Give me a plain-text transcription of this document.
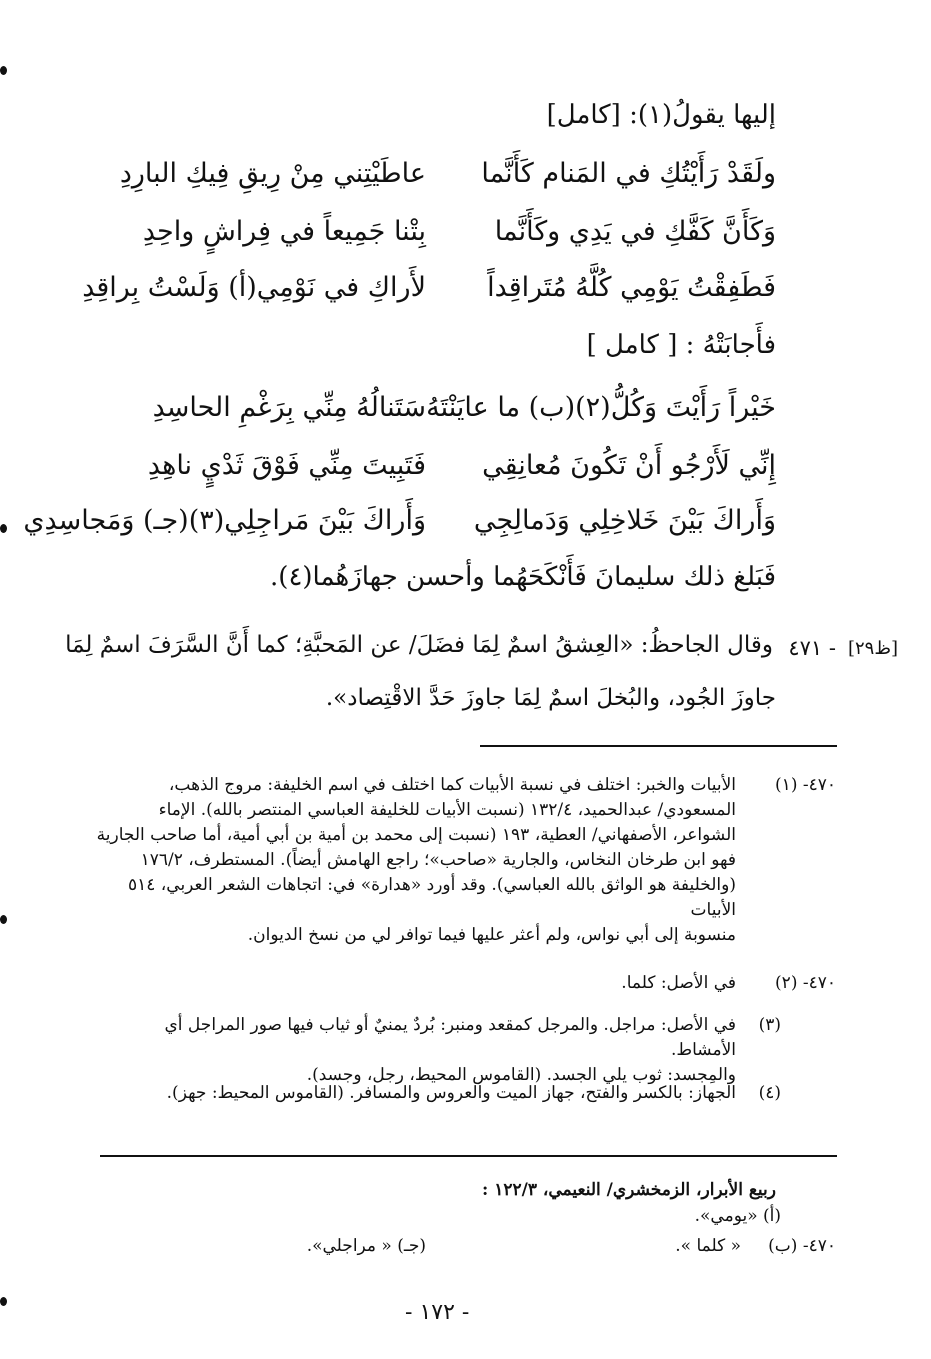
إليها يقولُ(١): [كامل]
ولَقَدْ رَأَيْتُكِ في المَنام كَأَنَّما
عاطَيْتِني مِنْ رِيقِ فِيكِ البارِدِ
وَكَأَنَّ كَفَّكِ في يَدِي وكَأَنَّما
بِتْنا جَمِيعاً في فِراشٍ واحِدِ
فَطَفِقْتُ يَوْمِي كُلَّهُ مُتَراقِداً
لأَراكِ في نَوْمِي(أ) وَلَسْتُ بِراقِدِ
فأَجابَتْهُ : [ كامل ]
خَيْراً رَأَيْتَ وَكُلُّ(٢)(ب) ما عايَنْتَهُ
سَتَنالُهُ مِنِّي بِرَغْمِ الحاسِدِ
إِنِّي لَأَرْجُو أَنْ تَكُونَ مُعانِقِي
فَتَبِيتَ مِنِّي فَوْقَ ثَدْيٍ ناهِدِ
وَأَراكَ بَيْنَ خَلاخِلِي وَدَمالِجِي
وَأَراكَ بَيْنَ مَراجِلِي(٣)(جـ) وَمَجاسِدِي
فَبَلغ ذلك سليمانَ فَأَنْكَحَهُما وأحسن جهازَهُما(٤).
[ظ٢٩]
٤٧١ -
وقال الجاحظُ: «العِشقُ اسمٌ لِمَا فضَلَ/ عن المَحبَّةِ؛ كما أَنَّ السَّرَفَ اسمٌ لِمَا
جاوزَ الجُود، والبُخلَ اسمٌ لِمَا جاوزَ حَدَّ الاقْتِصاد».
٤٧٠- (١)
الأبيات والخبر: اختلف في نسبة الأبيات كما اختلف في اسم الخليفة: مروج الذهب،
المسعودي/ عبدالحميد، ١٣٢/٤ (نسبت الأبيات للخليفة العباسي المنتصر بالله). الإماء
الشواعر، الأصفهاني/ العطية، ١٩٣ (نسبت إلى محمد بن أمية بن أبي أمية، أما صاحب الجارية
فهو ابن طرخان النخاس، والجارية «صاحب»؛ راجع الهامش أيضاً). المستطرف، ١٧٦/٢
(والخليفة هو الواثق بالله العباسي). وقد أورد «هدارة» في: اتجاهات الشعر العربي، ٥١٤ الأبيات
منسوبة إلى أبي نواس، ولم أعثر عليها فيما توافر لي من نسخ الديوان.
٤٧٠- (٢)
في الأصل: كلما.
(٣)
في الأصل: مراجل. والمرجل كمقعد ومنبر: بُردٌ يمنيٌ أو ثياب فيها صور المراجل أي الأمشاط.
والمِجسد: ثوب يلي الجسد. (القاموس المحيط، رجل، وجسد).
(٤)
الجهاز: بالكسر والفتح، جهاز الميت والعروس والمسافر. (القاموس المحيط: جهز).
ربيع الأبرار، الزمخشري/ النعيمي، ١٢٢/٣ :
(أ) «يومي».
٤٧٠- (ب)
« كلما ».
(جـ) « مراجلي».
- ١٧٢ -
